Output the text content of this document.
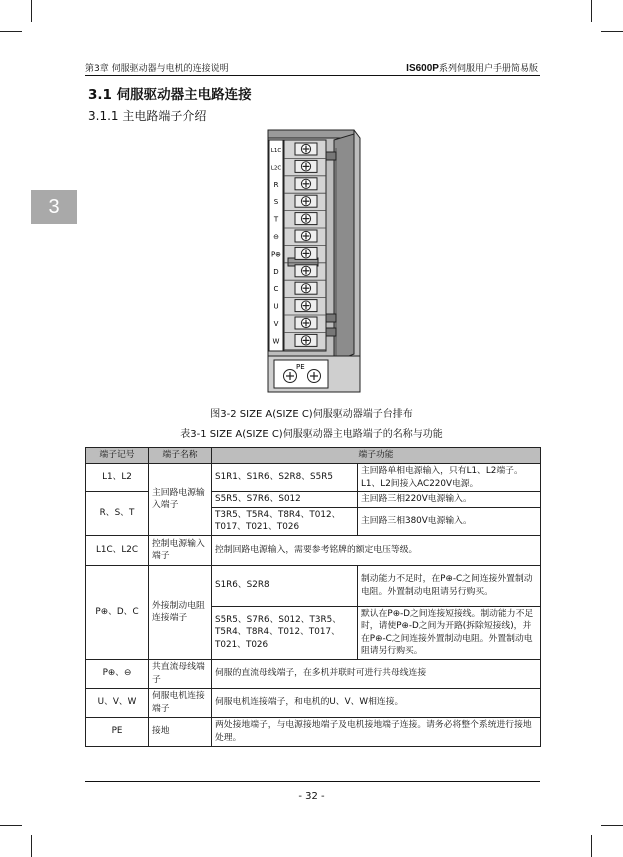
第3章 伺服驱动器与电机的连接说明	IS600P系列伺服用户手册简易版
3
3.1 伺服驱动器主电路连接
3.1.1 主电路端子介绍
L1C
L2C
R
S
T
⊖
P⊕
D
C
U
V
W
PE
图3-2 SIZE A(SIZE C)伺服驱动器端子台排布
表3-1 SIZE A(SIZE C)伺服驱动器主电路端子的名称与功能
端子记号	端子名称	端子功能	
L1、L2	主回路电源输入端子	S1R1、S1R6、S2R8、S5R5	主回路单相电源输入，只有L1、L2端子。L1、L2间接入AC220V电源。
R、S、T		S5R5、S7R6、S012	主回路三相220V电源输入。
		T3R5、T5R4、T8R4、T012、T017、T021、T026	主回路三相380V电源输入。
L1C、L2C	控制电源输入端子	控制回路电源输入，需要参考铭牌的额定电压等级。	
P⊕、D、C	外接制动电阻连接端子	S1R6、S2R8	制动能力不足时，在P⊕-C之间连接外置制动电阻。外置制动电阻请另行购买。
		S5R5、S7R6、S012、T3R5、T5R4、T8R4、T012、T017、T021、T026	默认在P⊕-D之间连接短接线。制动能力不足时，请使P⊕-D之间为开路(拆除短接线)，并在P⊕-C之间连接外置制动电阻。外置制动电阻请另行购买。
P⊕、⊖	共直流母线端子	伺服的直流母线端子，在多机并联时可进行共母线连接	
U、V、W	伺服电机连接端子	伺服电机连接端子，和电机的U、V、W相连接。	
PE	接地	两处接地端子，与电源接地端子及电机接地端子连接。请务必将整个系统进行接地处理。	
- 32 -
